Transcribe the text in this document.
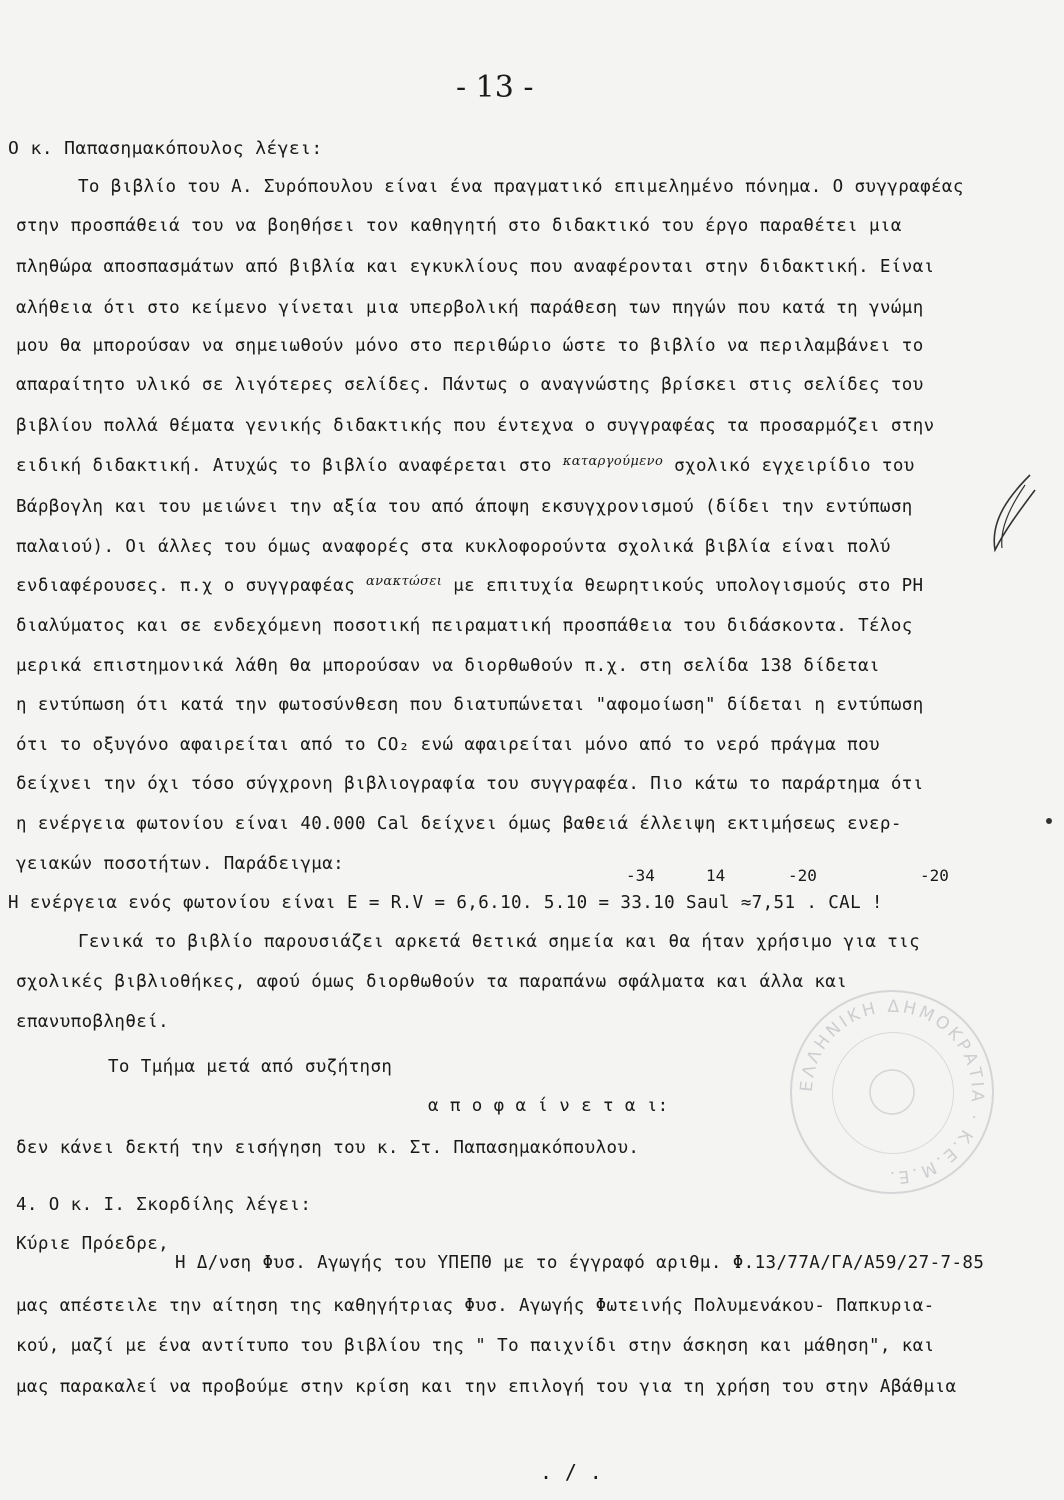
- 13 -

Ο κ. Παπασημακόπουλος λέγει:
Το βιβλίο του Α. Συρόπουλου είναι ένα πραγματικό επιμελημένο πόνημα. Ο συγγραφέας
στην προσπάθειά του να βοηθήσει τον καθηγητή στο διδακτικό του έργο παραθέτει μια
πληθώρα αποσπασμάτων από βιβλία και εγκυκλίους που αναφέρονται στην διδακτική. Είναι
αλήθεια ότι στο κείμενο γίνεται μια υπερβολική παράθεση των πηγών που κατά τη γνώμη
μου θα μπορούσαν να σημειωθούν μόνο στο περιθώριο ώστε το βιβλίο να περιλαμβάνει το
απαραίτητο υλικό σε λιγότερες σελίδες. Πάντως ο αναγνώστης βρίσκει στις σελίδες του
βιβλίου πολλά θέματα γενικής διδακτικής που έντεχνα ο συγγραφέας τα προσαρμόζει στην
ειδική διδακτική. Ατυχώς το βιβλίο αναφέρεται στο $^{\kappa\alpha\tau\alpha\rho\gamma oύ\mu\varepsilon\nu o}$ σχολικό εγχειρίδιο του
Βάρβογλη και του μειώνει την αξία του από άποψη εκσυγχρονισμού (δίδει την εντύπωση
παλαιού). Οι άλλες του όμως αναφορές στα κυκλοφορούντα σχολικά βιβλία είναι πολύ
ενδιαφέρουσες. π.χ ο συγγραφέας $^{\alpha\nu\alpha\kappa\tau ώ\sigma\varepsilon\iota}$ με επιτυχία θεωρητικούς υπολογισμούς στο PH
διαλύματος και σε ενδεχόμενη ποσοτική πειραματική προσπάθεια του διδάσκοντα. Τέλος
μερικά επιστημονικά λάθη θα μπορούσαν να διορθωθούν π.χ. στη σελίδα 138 δίδεται
η εντύπωση ότι κατά την φωτοσύνθεση που διατυπώνεται "αφομοίωση" δίδεται η εντύπωση
ότι το οξυγόνο αφαιρείται από το CO₂ ενώ αφαιρείται μόνο από το νερό πράγμα που
δείχνει την όχι τόσο σύγχρονη βιβλιογραφία του συγγραφέα. Πιο κάτω το παράρτημα ότι
η ενέργεια φωτονίου είναι 40.000 Cal δείχνει όμως βαθειά έλλειψη εκτιμήσεως ενερ-
γειακών ποσοτήτων. Παράδειγμα:
-34	14	-20	-20
Η ενέργεια ενός φωτονίου είναι E = R.V = 6,6.10. 5.10 = 33.10 Saul ≈7,51 . CAL !
Γενικά το βιβλίο παρουσιάζει αρκετά θετικά σημεία και θα ήταν χρήσιμο για τις
σχολικές βιβλιοθήκες, αφού όμως διορθωθούν τα παραπάνω σφάλματα και άλλα και
επανυποβληθεί.
Το Τμήμα μετά από συζήτηση
α π ο φ α ί ν ε τ α ι:
δεν κάνει δεκτή την εισήγηση του κ. Στ. Παπασημακόπουλου.
4. Ο κ. Ι. Σκορδίλης λέγει:
Κύριε Πρόεδρε,
Η Δ/νση Φυσ. Αγωγής του ΥΠΕΠΘ με το έγγραφό αριθμ. Φ.13/77Α/ΓΑ/Α59/27-7-85
μας απέστειλε την αίτηση της καθηγήτριας Φυσ. Αγωγής Φωτεινής Πολυμενάκου- Παπκυρια-
κού, μαζί με ένα αντίτυπο του βιβλίου της " Το παιχνίδι στην άσκηση και μάθηση", και
μας παρακαλεί να προβούμε στην κρίση και την επιλογή του για τη χρήση του στην Αβάθμια
. / .
ΕΛΛΗΝΙΚΗ ΔΗΜΟΚΡΑΤΙΑ · Κ.Ε.Μ.Ε.
